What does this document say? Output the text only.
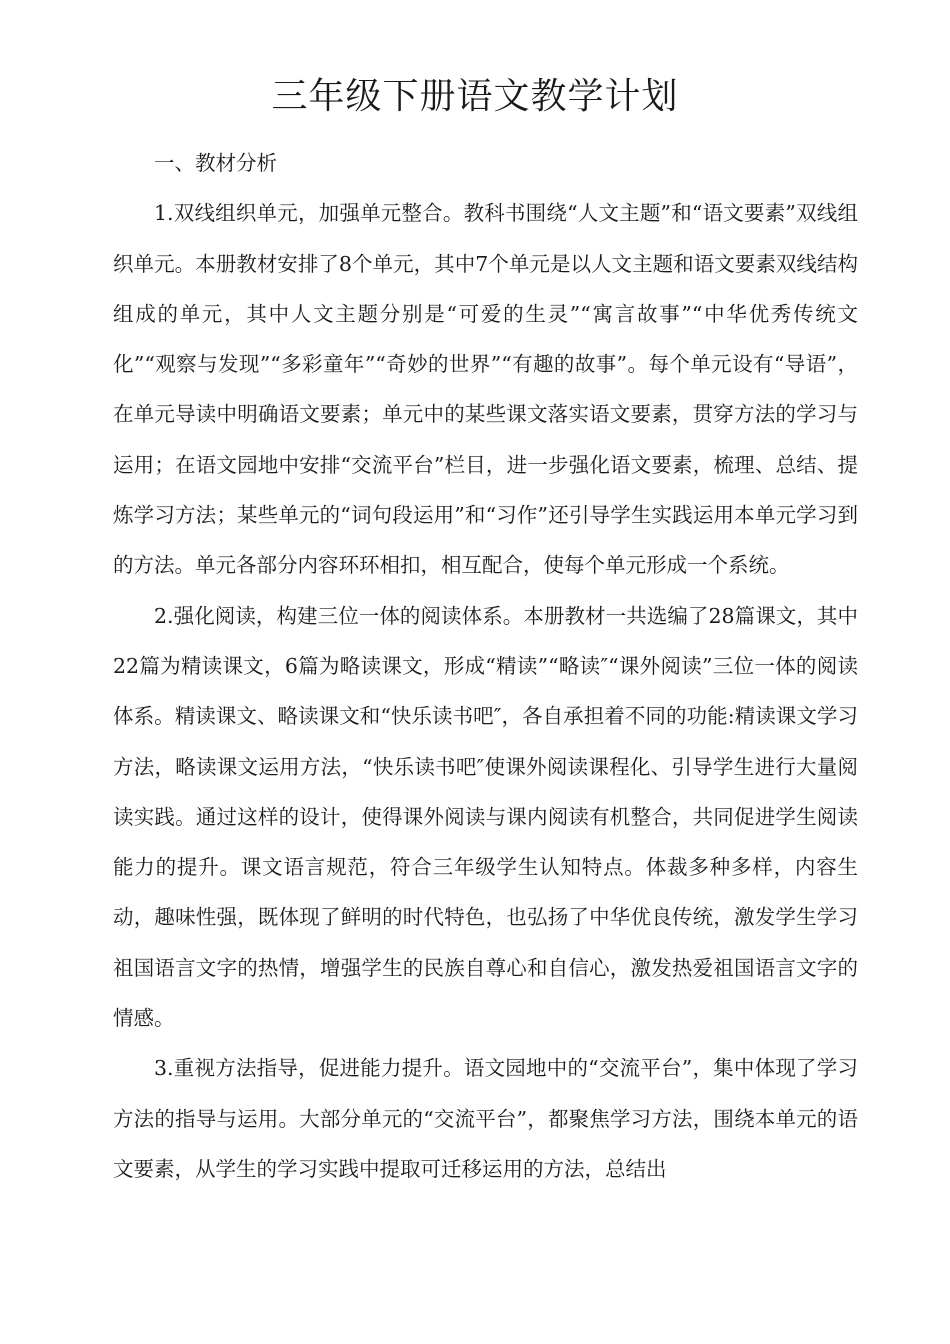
三年级下册语文教学计划

一、教材分析

1.双线组织单元，加强单元整合。教科书围绕“人文主题”和“语文要素”双线组织单元。本册教材安排了8个单元，其中7个单元是以人文主题和语文要素双线结构组成的单元，其中人文主题分别是“可爱的生灵”“寓言故事”“中华优秀传统文化”“观察与发现”“多彩童年”“奇妙的世界”“有趣的故事”。每个单元设有“导语”，在单元导读中明确语文要素；单元中的某些课文落实语文要素，贯穿方法的学习与运用；在语文园地中安排“交流平台”栏目，进一步强化语文要素，梳理、总结、提炼学习方法；某些单元的“词句段运用”和“习作”还引导学生实践运用本单元学习到的方法。单元各部分内容环环相扣，相互配合，使每个单元形成一个系统。

2.强化阅读，构建三位一体的阅读体系。本册教材一共选编了28篇课文，其中22篇为精读课文，6篇为略读课文，形成“精读”“略读″“课外阅读”三位一体的阅读体系。精读课文、略读课文和“快乐读书吧″，各自承担着不同的功能:精读课文学习方法，略读课文运用方法，“快乐读书吧″使课外阅读课程化、引导学生进行大量阅读实践。通过这样的设计，使得课外阅读与课内阅读有机整合，共同促进学生阅读能力的提升。课文语言规范，符合三年级学生认知特点。体裁多种多样，内容生动，趣味性强，既体现了鲜明的时代特色，也弘扬了中华优良传统，激发学生学习祖国语言文字的热情，增强学生的民族自尊心和自信心，激发热爱祖国语言文字的情感。

3.重视方法指导，促进能力提升。语文园地中的“交流平台”，集中体现了学习方法的指导与运用。大部分单元的“交流平台”，都聚焦学习方法，围绕本单元的语文要素，从学生的学习实践中提取可迁移运用的方法，总结出
